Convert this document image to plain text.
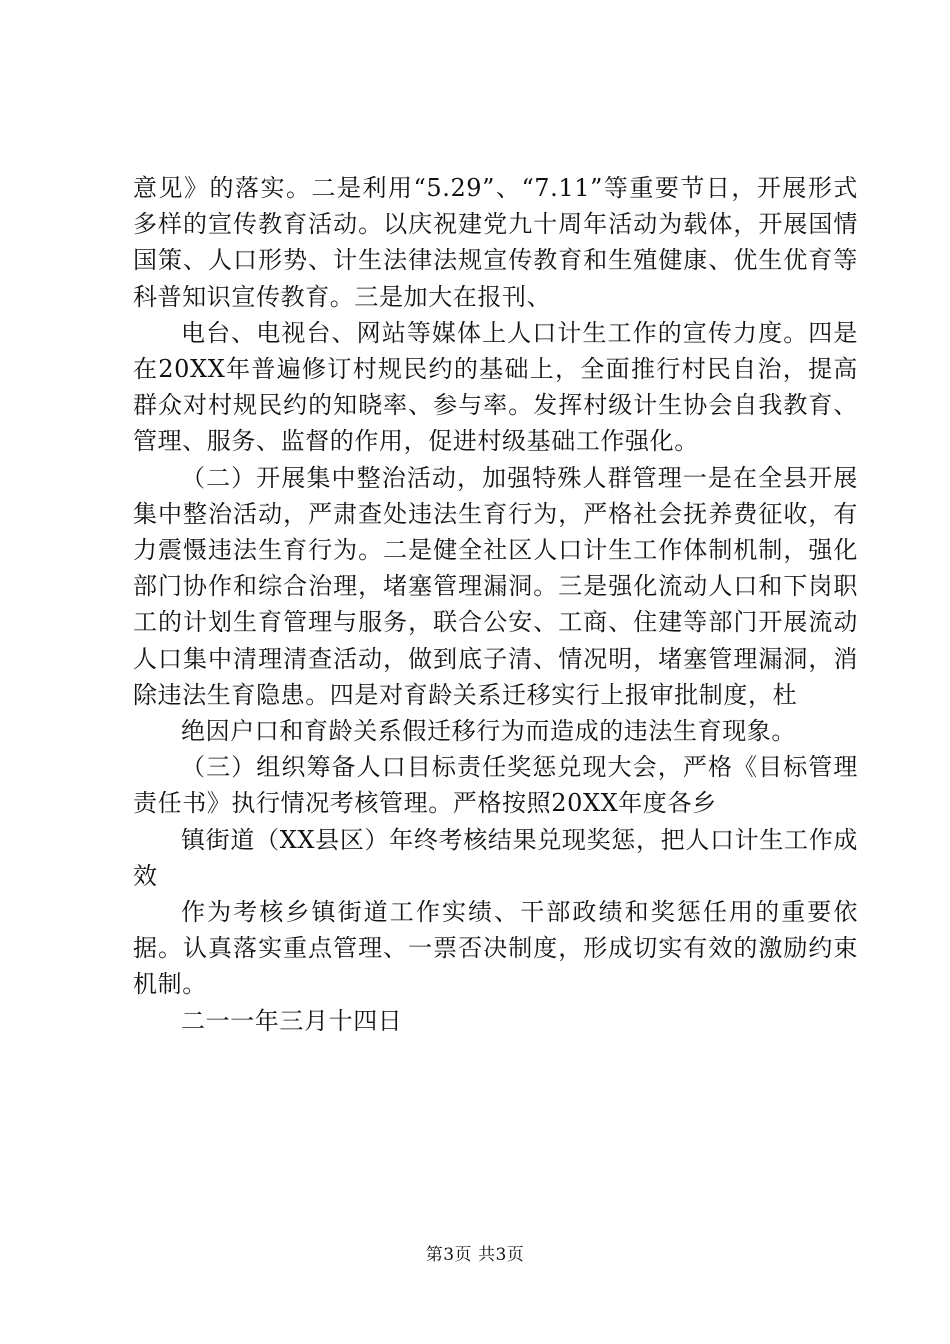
意见》的落实。二是利用“5.29”、“7.11”等重要节日，开展形式多样的宣传教育活动。以庆祝建党九十周年活动为载体，开展国情国策、人口形势、计生法律法规宣传教育和生殖健康、优生优育等科普知识宣传教育。三是加大在报刊、

电台、电视台、网站等媒体上人口计生工作的宣传力度。四是在20XX年普遍修订村规民约的基础上，全面推行村民自治，提高群众对村规民约的知晓率、参与率。发挥村级计生协会自我教育、管理、服务、监督的作用，促进村级基础工作强化。

（二）开展集中整治活动，加强特殊人群管理一是在全县开展集中整治活动，严肃查处违法生育行为，严格社会抚养费征收，有力震慑违法生育行为。二是健全社区人口计生工作体制机制，强化部门协作和综合治理，堵塞管理漏洞。三是强化流动人口和下岗职工的计划生育管理与服务，联合公安、工商、住建等部门开展流动人口集中清理清查活动，做到底子清、情况明，堵塞管理漏洞，消除违法生育隐患。四是对育龄关系迁移实行上报审批制度，杜

绝因户口和育龄关系假迁移行为而造成的违法生育现象。

（三）组织筹备人口目标责任奖惩兑现大会，严格《目标管理责任书》执行情况考核管理。严格按照20XX年度各乡

镇街道（XX县区）年终考核结果兑现奖惩，把人口计生工作成效

作为考核乡镇街道工作实绩、干部政绩和奖惩任用的重要依据。认真落实重点管理、一票否决制度，形成切实有效的激励约束机制。

二一一年三月十四日

第3页 共3页
